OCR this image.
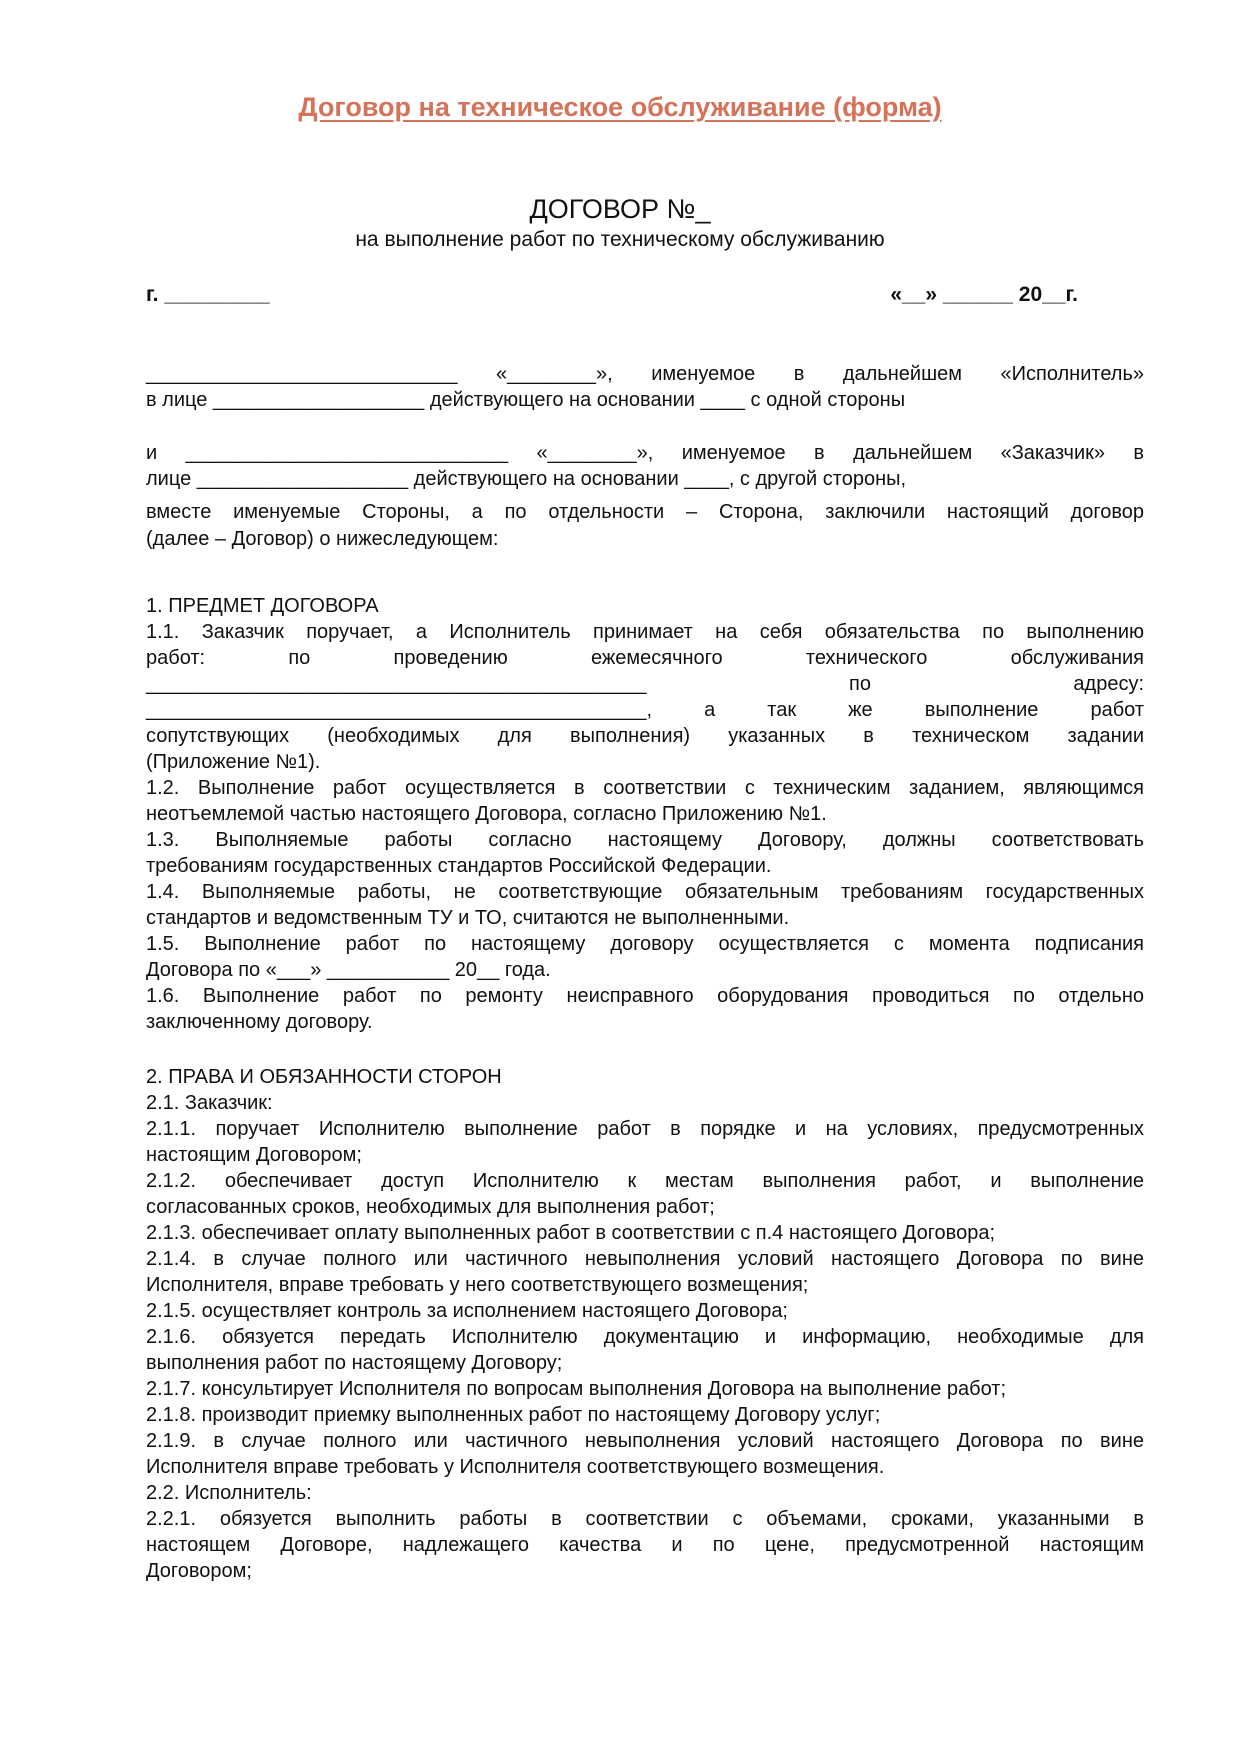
Договор на техническое обслуживание (форма)
ДОГОВОР №_
на выполнение работ по техническому обслуживанию
г. _________	«__» ______ 20__г.
____________________________ «________», именуемое в дальнейшем «Исполнитель»
в лице ___________________ действующего на основании ____ с одной стороны
и _____________________________ «________», именуемое в дальнейшем «Заказчик» в
лице ___________________ действующего на основании ____, с другой стороны,
вместе именуемые Стороны, а по отдельности – Сторона, заключили настоящий договор
(далее – Договор) о нижеследующем:
1. ПРЕДМЕТ ДОГОВОРА
1.1. Заказчик поручает, а Исполнитель принимает на себя обязательства по выполнению
работ: по проведению ежемесячного технического обслуживания
_____________________________________________ по адресу:
_____________________________________________, а так же выполнение работ
сопутствующих (необходимых для выполнения) указанных в техническом задании
(Приложение №1).
1.2. Выполнение работ осуществляется в соответствии с техническим заданием, являющимся
неотъемлемой частью настоящего Договора, согласно Приложению №1.
1.3. Выполняемые работы согласно настоящему Договору, должны соответствовать
требованиям государственных стандартов Российской Федерации.
1.4. Выполняемые работы, не соответствующие обязательным требованиям государственных
стандартов и ведомственным ТУ и ТО, считаются не выполненными.
1.5. Выполнение работ по настоящему договору осуществляется с момента подписания
Договора по «___» ___________ 20__ года.
1.6. Выполнение работ по ремонту неисправного оборудования проводиться по отдельно
заключенному договору.
2. ПРАВА И ОБЯЗАННОСТИ СТОРОН
2.1. Заказчик:
2.1.1. поручает Исполнителю выполнение работ в порядке и на условиях, предусмотренных
настоящим Договором;
2.1.2. обеспечивает доступ Исполнителю к местам выполнения работ, и выполнение
согласованных сроков, необходимых для выполнения работ;
2.1.3. обеспечивает оплату выполненных работ в соответствии с п.4 настоящего Договора;
2.1.4. в случае полного или частичного невыполнения условий настоящего Договора по вине
Исполнителя, вправе требовать у него соответствующего возмещения;
2.1.5. осуществляет контроль за исполнением настоящего Договора;
2.1.6. обязуется передать Исполнителю документацию и информацию, необходимые для
выполнения работ по настоящему Договору;
2.1.7. консультирует Исполнителя по вопросам выполнения Договора на выполнение работ;
2.1.8. производит приемку выполненных работ по настоящему Договору услуг;
2.1.9. в случае полного или частичного невыполнения условий настоящего Договора по вине
Исполнителя вправе требовать у Исполнителя соответствующего возмещения.
2.2. Исполнитель:
2.2.1. обязуется выполнить работы в соответствии с объемами, сроками, указанными в
настоящем Договоре, надлежащего качества и по цене, предусмотренной настоящим
Договором;
